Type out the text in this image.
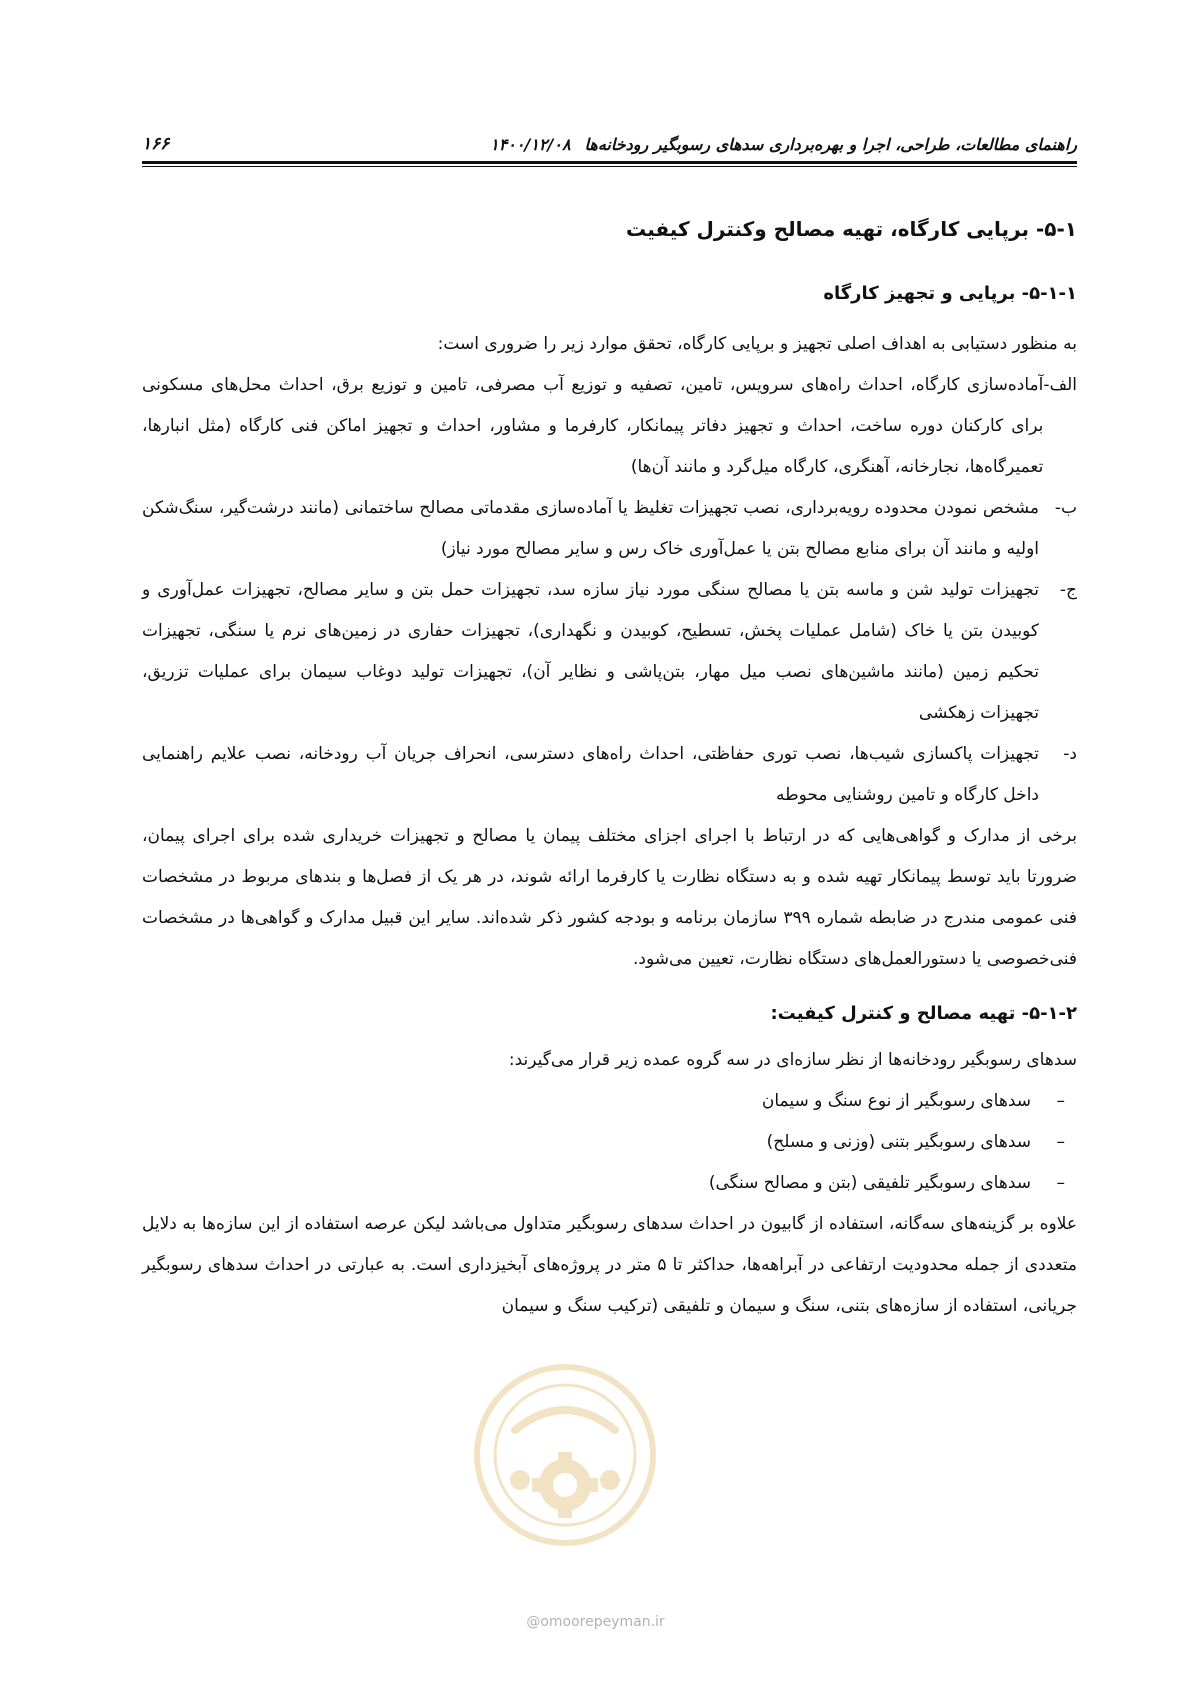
راهنمای مطالعات، طراحی، اجرا و بهره‌برداری سدهای رسوبگیر رودخانه‌ها
۱۴۰۰/۱۲/۰۸
۱۶۶
۵-۱- برپایی کارگاه، تهیه مصالح وکنترل کیفیت
۵-۱-۱- برپایی و تجهیز کارگاه

به منظور دستیابی به اهداف اصلی تجهیز و برپایی کارگاه، تحقق موارد زیر را ضروری است:

الف-
آماده‌سازی کارگاه، احداث راه‌های سرویس، تامین، تصفیه و توزیع آب مصرفی، تامین و توزیع برق، احداث محل‌های مسکونی برای کارکنان دوره ساخت، احداث و تجهیز دفاتر پیمانکار، کارفرما و مشاور، احداث و تجهیز اماکن فنی کارگاه (مثل انبارها، تعمیرگاه‌ها، نجارخانه، آهنگری، کارگاه میل‌گرد و مانند آن‌ها)
ب-
مشخص نمودن محدوده رویه‌برداری، نصب تجهیزات تغلیظ یا آماده‌سازی مقدماتی مصالح ساختمانی (مانند درشت‌گیر، سنگ‌شکن اولیه و مانند آن برای منابع مصالح بتن یا عمل‌آوری خاک رس و سایر مصالح مورد نیاز)
ج-
تجهیزات تولید شن و ماسه بتن یا مصالح سنگی مورد نیاز سازه سد، تجهیزات حمل بتن و سایر مصالح، تجهیزات عمل‌آوری و کوبیدن بتن یا خاک (شامل عملیات پخش، تسطیح، کوبیدن و نگهداری)، تجهیزات حفاری در زمین‌های نرم یا سنگی، تجهیزات تحکیم زمین (مانند ماشین‌های نصب میل مهار، بتن‌پاشی و نظایر آن)، تجهیزات تولید دوغاب سیمان برای عملیات تزریق، تجهیزات زهکشی
د-
تجهیزات پاکسازی شیب‌ها، نصب توری حفاظتی، احداث راه‌های دسترسی، انحراف جریان آب رودخانه، نصب علایم راهنمایی داخل کارگاه و تامین روشنایی محوطه

برخی از مدارک و گواهی‌هایی که در ارتباط با اجرای اجزای مختلف پیمان یا مصالح و تجهیزات خریداری شده برای اجرای پیمان، ضرورتا باید توسط پیمانکار تهیه شده و به دستگاه نظارت یا کارفرما ارائه شوند، در هر یک از فصل‌ها و بندهای مربوط در مشخصات فنی عمومی مندرج در ضابطه شماره ۳۹۹ سازمان برنامه و بودجه کشور ذکر شده‌اند. سایر این قبیل مدارک و گواهی‌ها در مشخصات فنی‌خصوصی یا دستورالعمل‌های دستگاه نظارت، تعیین می‌شود.

۵-۱-۲- تهیه مصالح و کنترل کیفیت:

سدهای رسوبگیر رودخانه‌ها از نظر سازه‌ای در سه گروه عمده زیر قرار می‌گیرند:

–
سدهای رسوبگیر از نوع سنگ و سیمان
–
سدهای رسوبگیر بتنی (وزنی و مسلح)
–
سدهای رسوبگیر تلفیقی (بتن و مصالح سنگی)

علاوه بر گزینه‌های سه‌گانه، استفاده از گابیون در احداث سدهای رسوبگیر متداول می‌باشد لیکن عرصه استفاده از این سازه‌ها به دلایل متعددی از جمله محدودیت ارتفاعی در آبراهه‌ها، حداکثر تا ۵ متر در پروژه‌های آبخیزداری است. به عبارتی در احداث سدهای رسوبگیر جریانی، استفاده از سازه‌های بتنی، سنگ و سیمان و تلفیقی (ترکیب سنگ و سیمان

@omoorepeyman.ir
